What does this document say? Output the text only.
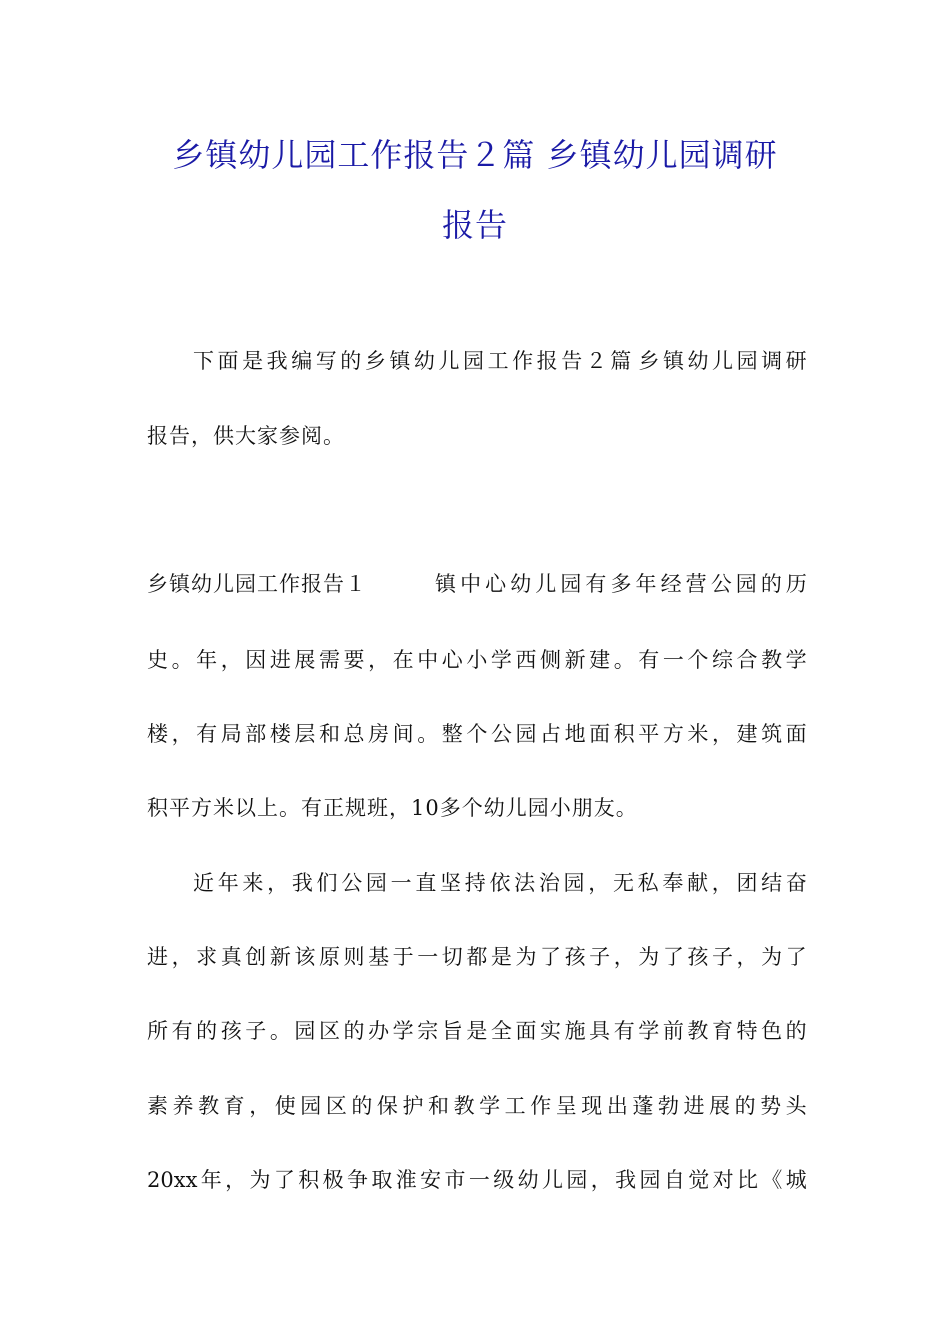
乡镇幼儿园工作报告２篇 乡镇幼儿园调研
报告
下 面 是 我 编 写 的 乡 镇 幼 儿 园 工 作 报 告 ２ 篇 乡 镇 幼 儿 园 调 研
报告，供大家参阅。
乡镇幼儿园工作报告１	镇 中 心 幼 儿 园 有 多 年 经 营 公 园 的 历
史 。 年 ， 因 进 展 需 要 ， 在 中 心 小 学 西 侧 新 建 。 有 一 个 综 合 教 学
楼 ， 有 局 部 楼 层 和 总 房 间 。 整 个 公 园 占 地 面 积 平 方 米 ， 建 筑 面
积平方米以上。有正规班，10多个幼儿园小朋友。
近 年 来 ， 我 们 公 园 一 直 坚 持 依 法 治 园 ， 无 私 奉 献 ， 团 结 奋
进 ， 求 真 创 新 该 原 则 基 于 一 切 都 是 为 了 孩 子 ， 为 了 孩 子 ， 为 了
所 有 的 孩 子 。 园 区 的 办 学 宗 旨 是 全 面 实 施 具 有 学 前 教 育 特 色 的
素 养 教 育 ， 使 园 区 的 保 护 和 教 学 工 作 呈 现 出 蓬 勃 进 展 的 势 头
20xx 年 ， 为 了 积 极 争 取 淮 安 市 一 级 幼 儿 园 ， 我 园 自 觉 对 比 《 城
